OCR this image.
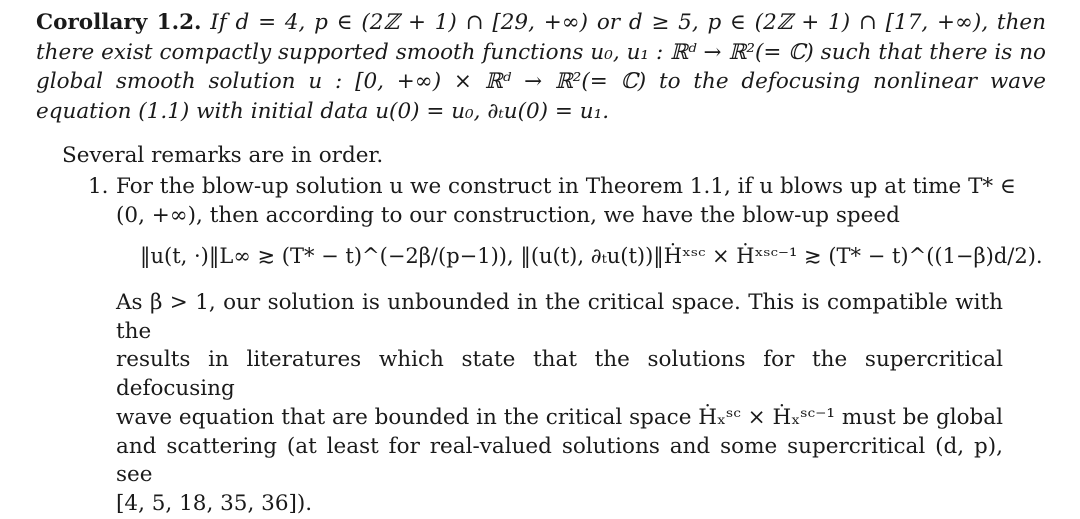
Corollary 1.2. If d = 4, p ∈ (2ℤ + 1) ∩ [29, +∞) or d ≥ 5, p ∈ (2ℤ + 1) ∩ [17, +∞), then there exist compactly supported smooth functions u₀, u₁ : ℝᵈ → ℝ²(= ℂ) such that there is no global smooth solution u : [0, +∞) × ℝᵈ → ℝ²(= ℂ) to the defocusing nonlinear wave equation (1.1) with initial data u(0) = u₀, ∂ₜu(0) = u₁.
Several remarks are in order.
1. For the blow-up solution u we construct in Theorem 1.1, if u blows up at time T* ∈
(0, +∞), then according to our construction, we have the blow-up speed
‖u(t, ·)‖L∞ ≳ (T* − t)^(−2β/(p−1)), ‖(u(t), ∂ₜu(t))‖Ḣˣˢᶜ × Ḣˣˢᶜ⁻¹ ≳ (T* − t)^((1−β)d/2).
As β > 1, our solution is unbounded in the critical space. This is compatible with the
results in literatures which state that the solutions for the supercritical defocusing
wave equation that are bounded in the critical space Ḣₓˢᶜ × Ḣₓˢᶜ⁻¹ must be global
and scattering (at least for real-valued solutions and some supercritical (d, p), see
[4, 5, 18, 35, 36]).
